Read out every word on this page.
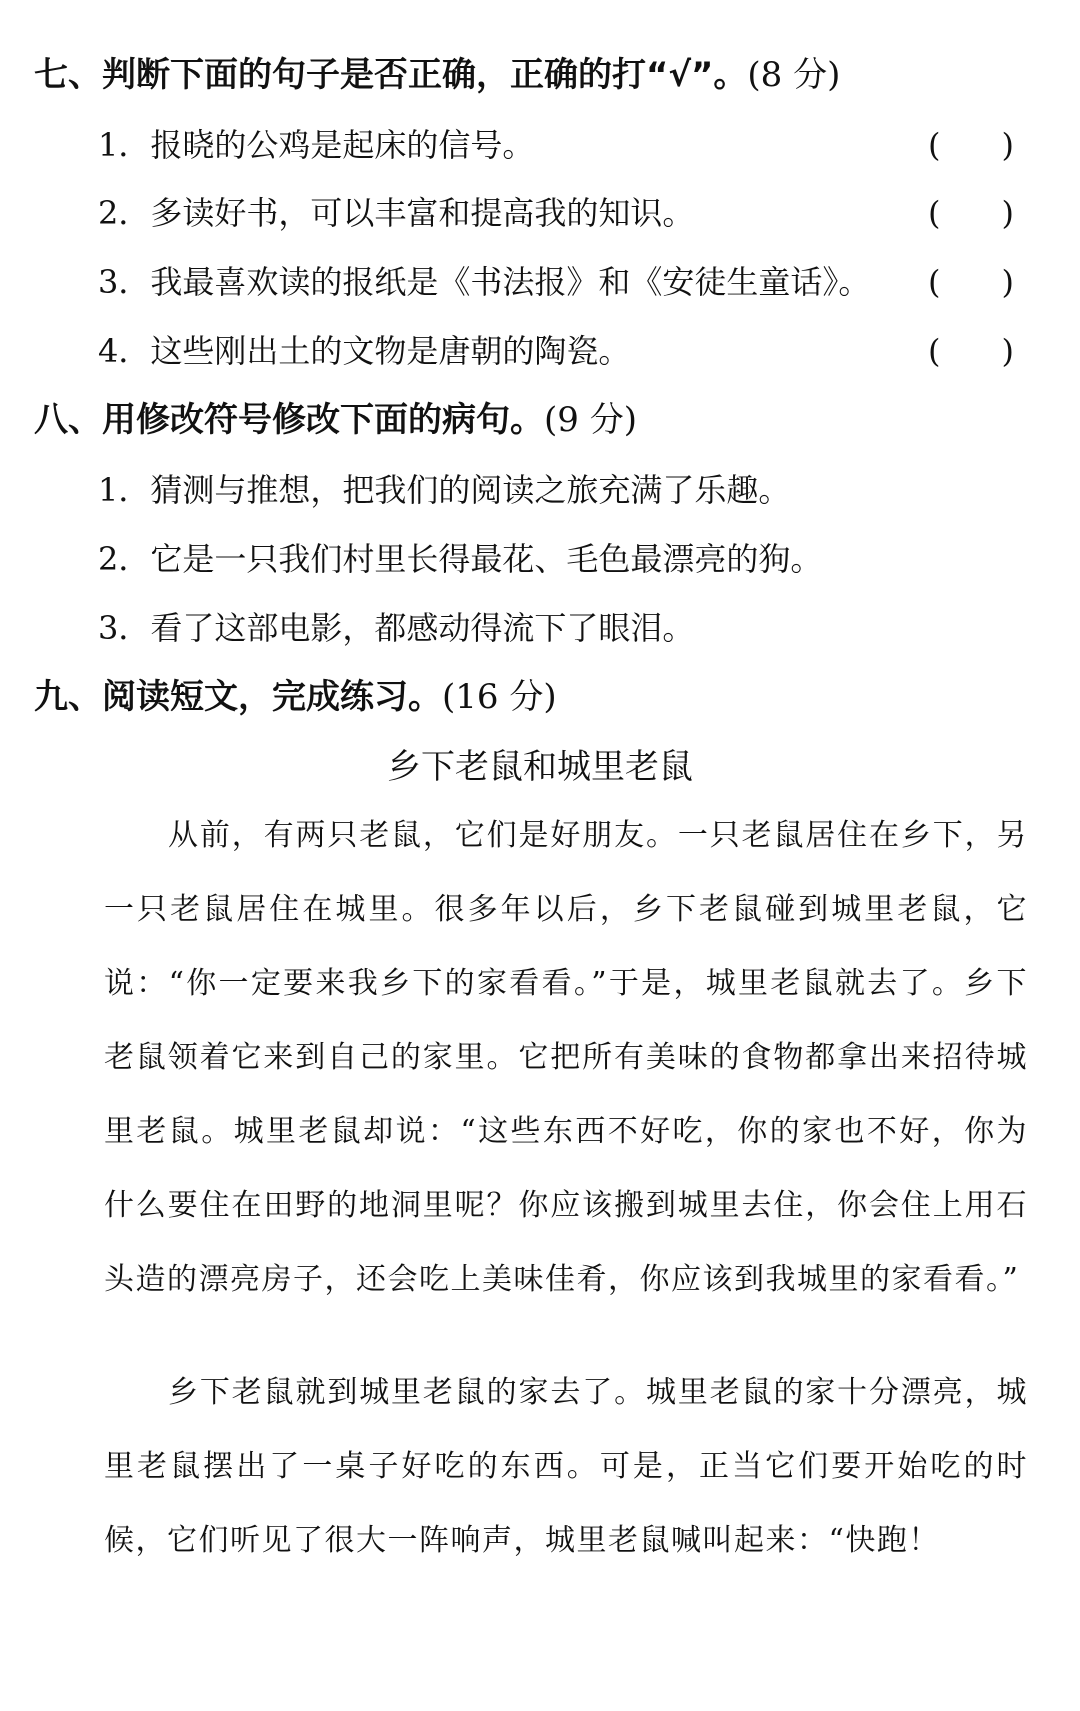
七、判断下面的句子是否正确，正确的打“√”。(8 分)
1．报晓的公鸡是起床的信号。	(      )
2．多读好书，可以丰富和提高我的知识。	(      )
3．我最喜欢读的报纸是《书法报》和《安徒生童话》。 (      )
4．这些刚出土的文物是唐朝的陶瓷。	(      )
八、用修改符号修改下面的病句。(9 分)
1．猜测与推想，把我们的阅读之旅充满了乐趣。
2．它是一只我们村里长得最花、毛色最漂亮的狗。
3．看了这部电影，都感动得流下了眼泪。
九、阅读短文，完成练习。(16 分)
乡下老鼠和城里老鼠
从前，有两只老鼠，它们是好朋友。一只老鼠居住在乡下，另一只老鼠居住在城里。很多年以后，乡下老鼠碰到城里老鼠，它说：“你一定要来我乡下的家看看。”于是，城里老鼠就去了。乡下老鼠领着它来到自己的家里。它把所有美味的食物都拿出来招待城里老鼠。城里老鼠却说：“这些东西不好吃，你的家也不好，你为什么要住在田野的地洞里呢？你应该搬到城里去住，你会住上用石头造的漂亮房子，还会吃上美味佳肴，你应该到我城里的家看看。”
乡下老鼠就到城里老鼠的家去了。城里老鼠的家十分漂亮，城里老鼠摆出了一桌子好吃的东西。可是，正当它们要开始吃的时候，它们听见了很大一阵响声，城里老鼠喊叫起来：“快跑！
